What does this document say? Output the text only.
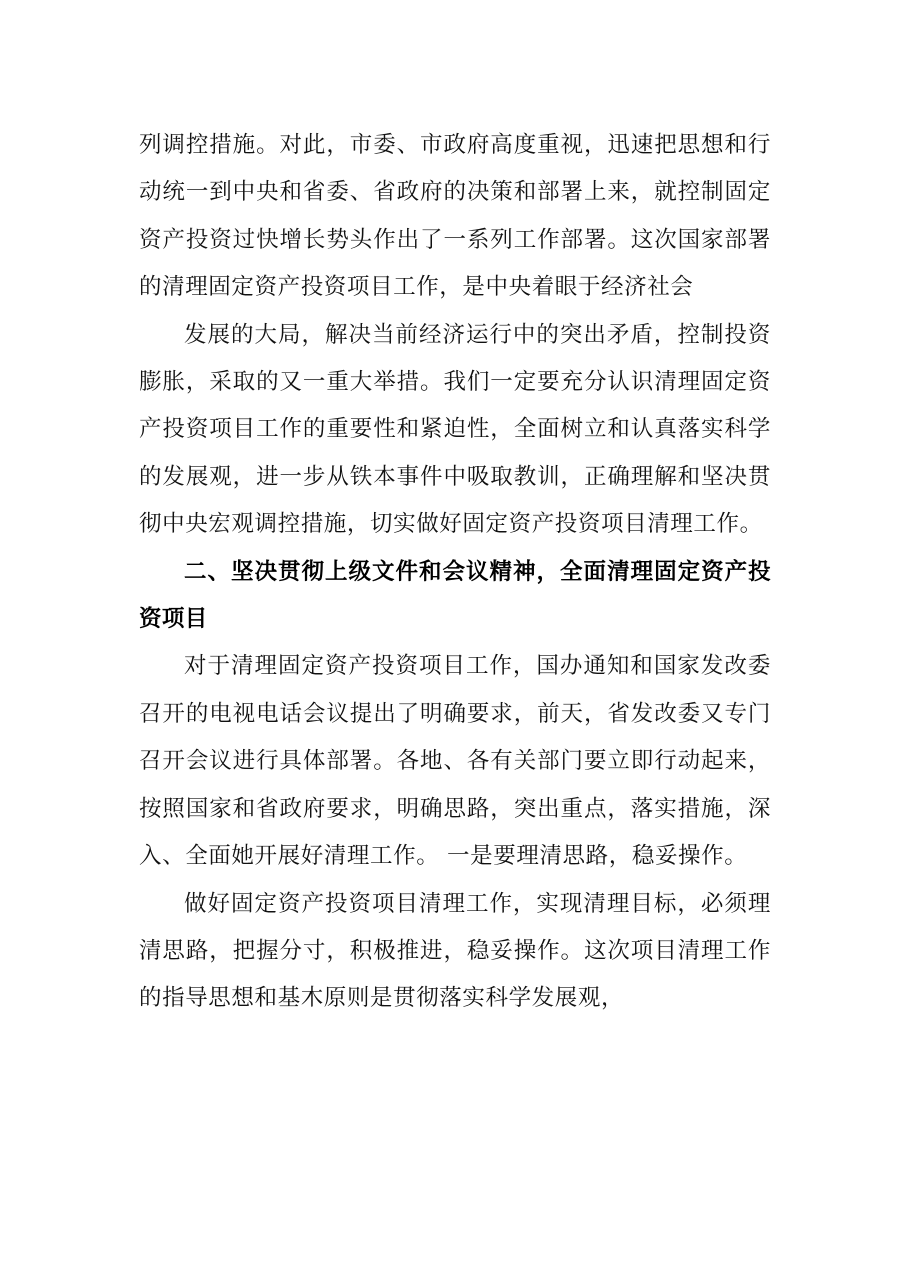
列调控措施。对此，市委、市政府高度重视，迅速把思想和行动统一到中央和省委、省政府的决策和部署上来，就控制固定资产投资过快增长势头作出了一系列工作部署。这次国家部署的清理固定资产投资项目工作，是中央着眼于经济社会

发展的大局，解决当前经济运行中的突出矛盾，控制投资膨胀，采取的又一重大举措。我们一定要充分认识清理固定资产投资项目工作的重要性和紧迫性，全面树立和认真落实科学的发展观，进一步从铁本事件中吸取教训，正确理解和坚决贯彻中央宏观调控措施，切实做好固定资产投资项目清理工作。

二、坚决贯彻上级文件和会议精神，全面清理固定资产投资项目

对于清理固定资产投资项目工作，国办通知和国家发改委召开的电视电话会议提出了明确要求，前天，省发改委又专门召开会议进行具体部署。各地、各有关部门要立即行动起来，按照国家和省政府要求，明确思路，突出重点，落实措施，深入、全面她开展好清理工作。 一是要理清思路，稳妥操作。

做好固定资产投资项目清理工作，实现清理目标，必须理清思路，把握分寸，积极推进，稳妥操作。这次项目清理工作的指导思想和基木原则是贯彻落实科学发展观，
